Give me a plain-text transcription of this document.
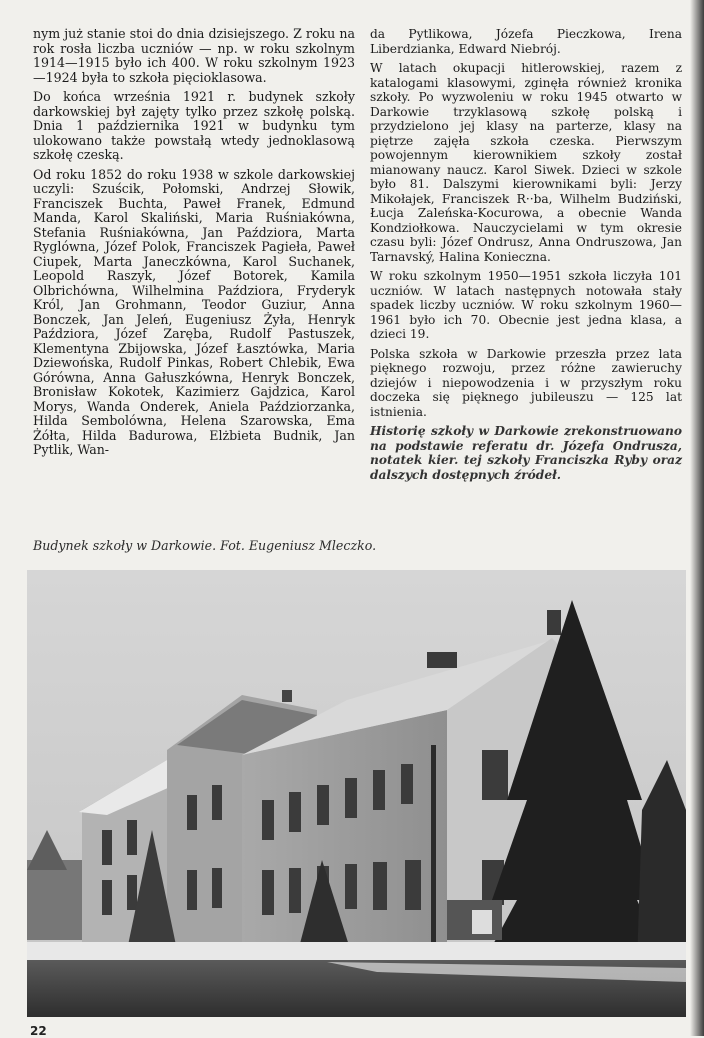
nym już stanie stoi do dnia dzisiejszego. Z roku na rok rosła liczba uczniów — np. w roku szkolnym 1914—1915 było ich 400. W roku szkolnym 1923—1924 była to szkoła pięcioklasowa.

Do końca września 1921 r. budynek szkoły darkowskiej był zajęty tylko przez szkołę polską. Dnia 1 października 1921 w budynku tym ulokowano także powstałą wtedy jednoklasową szkołę czeską.

Od roku 1852 do roku 1938 w szkole darkowskiej uczyli: Szuścik, Połomski, Andrzej Słowik, Franciszek Buchta, Paweł Franek, Edmund Manda, Karol Skaliński, Maria Ruśniakówna, Stefania Ruśniakówna, Jan Paździora, Marta Ryglówna, Józef Polok, Franciszek Pagieła, Paweł Ciupek, Marta Janeczkówna, Karol Suchanek, Leopold Raszyk, Józef Botorek, Kamila Olbrichówna, Wilhelmina Paździora, Fryderyk Król, Jan Grohmann, Teodor Guziur, Anna Bonczek, Jan Jeleń, Eugeniusz Żyła, Henryk Paździora, Józef Zaręba, Rudolf Pastuszek, Klementyna Zbijowska, Józef Łasztówka, Maria Dziewońska, Rudolf Pinkas, Robert Chlebik, Ewa Górówna, Anna Gałuszkówna, Henryk Bonczek, Bronisław Kokotek, Kazimierz Gajdzica, Karol Morys, Wanda Onderek, Aniela Paździorzanka, Hilda Sembolówna, Helena Szarowska, Ema Żółta, Hilda Badurowa, Elżbieta Budnik, Jan Pytlik, Wan-

da Pytlikowa, Józefa Pieczkowa, Irena Liberdzianka, Edward Niebrój.

W latach okupacji hitlerowskiej, razem z katalogami klasowymi, zginęła również kronika szkoły. Po wyzwoleniu w roku 1945 otwarto w Darkowie trzyklasową szkołę polską i przydzielono jej klasy na parterze, klasy na piętrze zajęła szkoła czeska. Pierwszym powojennym kierownikiem szkoły został mianowany naucz. Karol Siwek. Dzieci w szkole było 81. Dalszymi kierownikami byli: Jerzy Mikołajek, Franciszek R··ba, Wilhelm Budziński, Łucja Zaleńska-Kocurowa, a obecnie Wanda Kondziołkowa. Nauczycielami w tym okresie czasu byli: Józef Ondrusz, Anna Ondruszowa, Jan Tarnavský, Halina Konieczna.

W roku szkolnym 1950—1951 szkoła liczyła 101 uczniów. W latach następnych notowała stały spadek liczby uczniów. W roku szkolnym 1960—1961 było ich 70. Obecnie jest jedna klasa, a dzieci 19.

Polska szkoła w Darkowie przeszła przez lata pięknego rozwoju, przez różne zawieruchy dziejów i niepowodzenia i w przyszłym roku doczeka się pięknego jubileuszu — 125 lat istnienia.

Historię szkoły w Darkowie zrekonstruowano na podstawie referatu dr. Józefa Ondrusza, notatek kier. tej szkoły Franciszka Ryby oraz dalszych dostępnych źródeł.

Budynek szkoły w Darkowie. Fot. Eugeniusz Mleczko.
22
